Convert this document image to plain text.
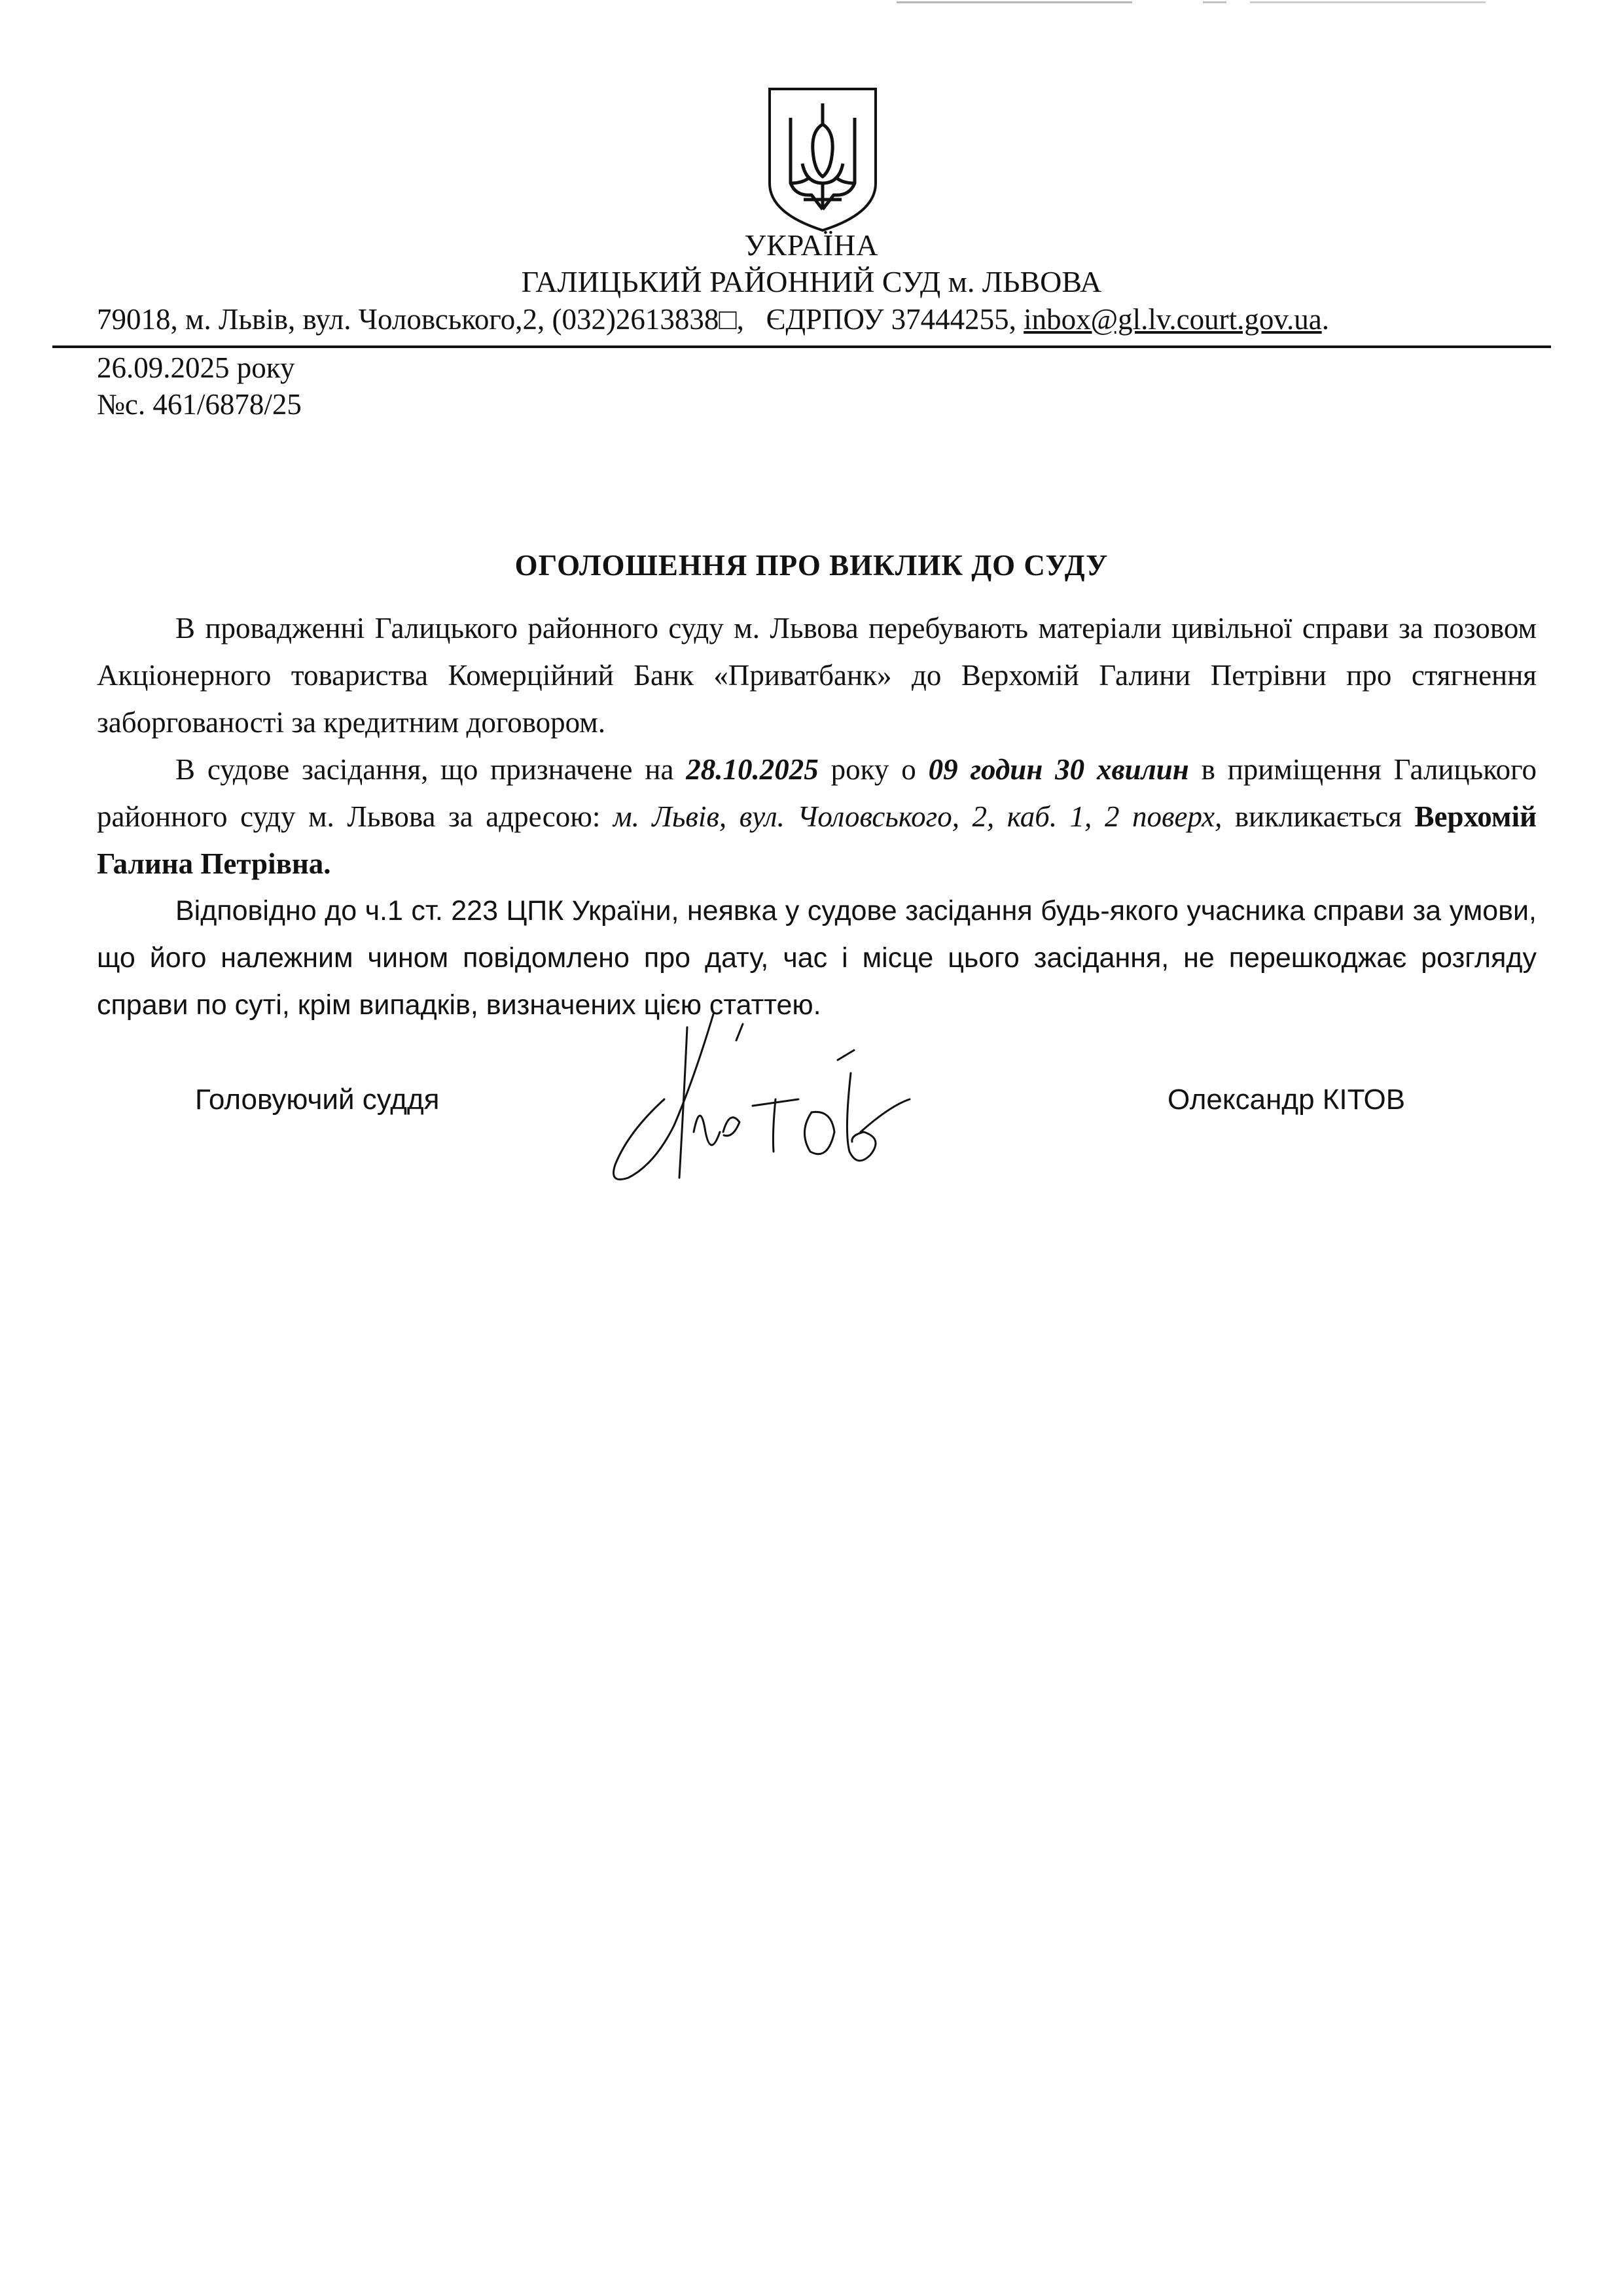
УКРАЇНА
ГАЛИЦЬКИЙ РАЙОННИЙ СУД м. ЛЬВОВА
79018, м. Львів, вул. Чоловського,2, (032)2613838□,   ЄДРПОУ 37444255, inbox@gl.lv.court.gov.ua.
26.09.2025 року
№с. 461/6878/25
ОГОЛОШЕННЯ ПРО ВИКЛИК ДО СУДУ

В провадженні Галицького районного суду м. Львова перебувають матеріали цивільної справи за позовом Акціонерного товариства Комерційний Банк «Приватбанк» до Верхомій Галини Петрівни про стягнення заборгованості за кредитним договором.

В судове засідання, що призначене на 28.10.2025 року о 09 годин 30 хвилин в приміщення Галицького районного суду м. Львова за адресою: м. Львів, вул. Чоловського, 2, каб. 1, 2 поверх, викликається Верхомій Галина Петрівна.

Відповідно до ч.1 ст. 223 ЦПК України, неявка у судове засідання будь-якого учасника справи за умови, що його належним чином повідомлено про дату, час і місце цього засідання, не перешкоджає розгляду справи по суті, крім випадків, визначених цією статтею.

Головуючий суддя	Олександр КІТОВ
